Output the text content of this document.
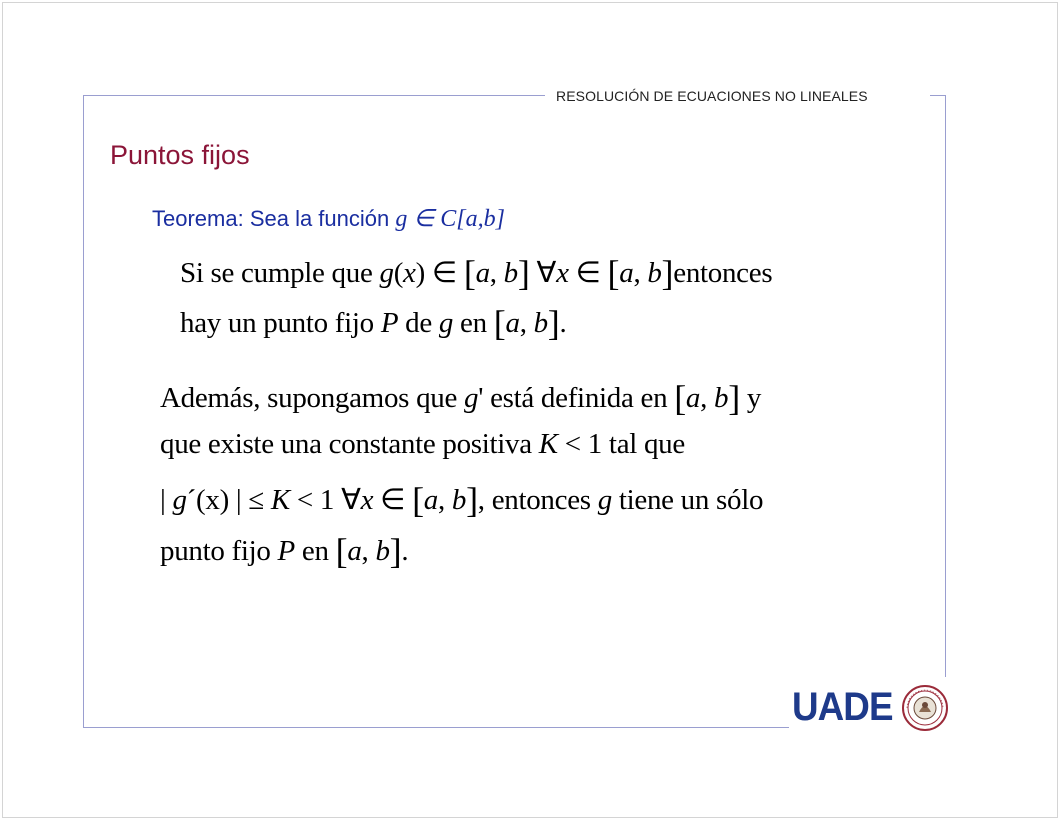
RESOLUCIÓN DE ECUACIONES NO LINEALES
Puntos fijos
Teorema: Sea la función g ∈ C[a,b]
Si se cumple que g(x) ∈ [a, b] ∀x ∈ [a, b]entonces
hay un punto fijo P de g en [a, b].
Además, supongamos que g' está definida en [a, b] y
que existe una constante positiva K < 1 tal que
| g´(x) | ≤ K < 1 ∀x ∈ [a, b], entonces g tiene un sólo
punto fijo P en [a, b].
UADE
